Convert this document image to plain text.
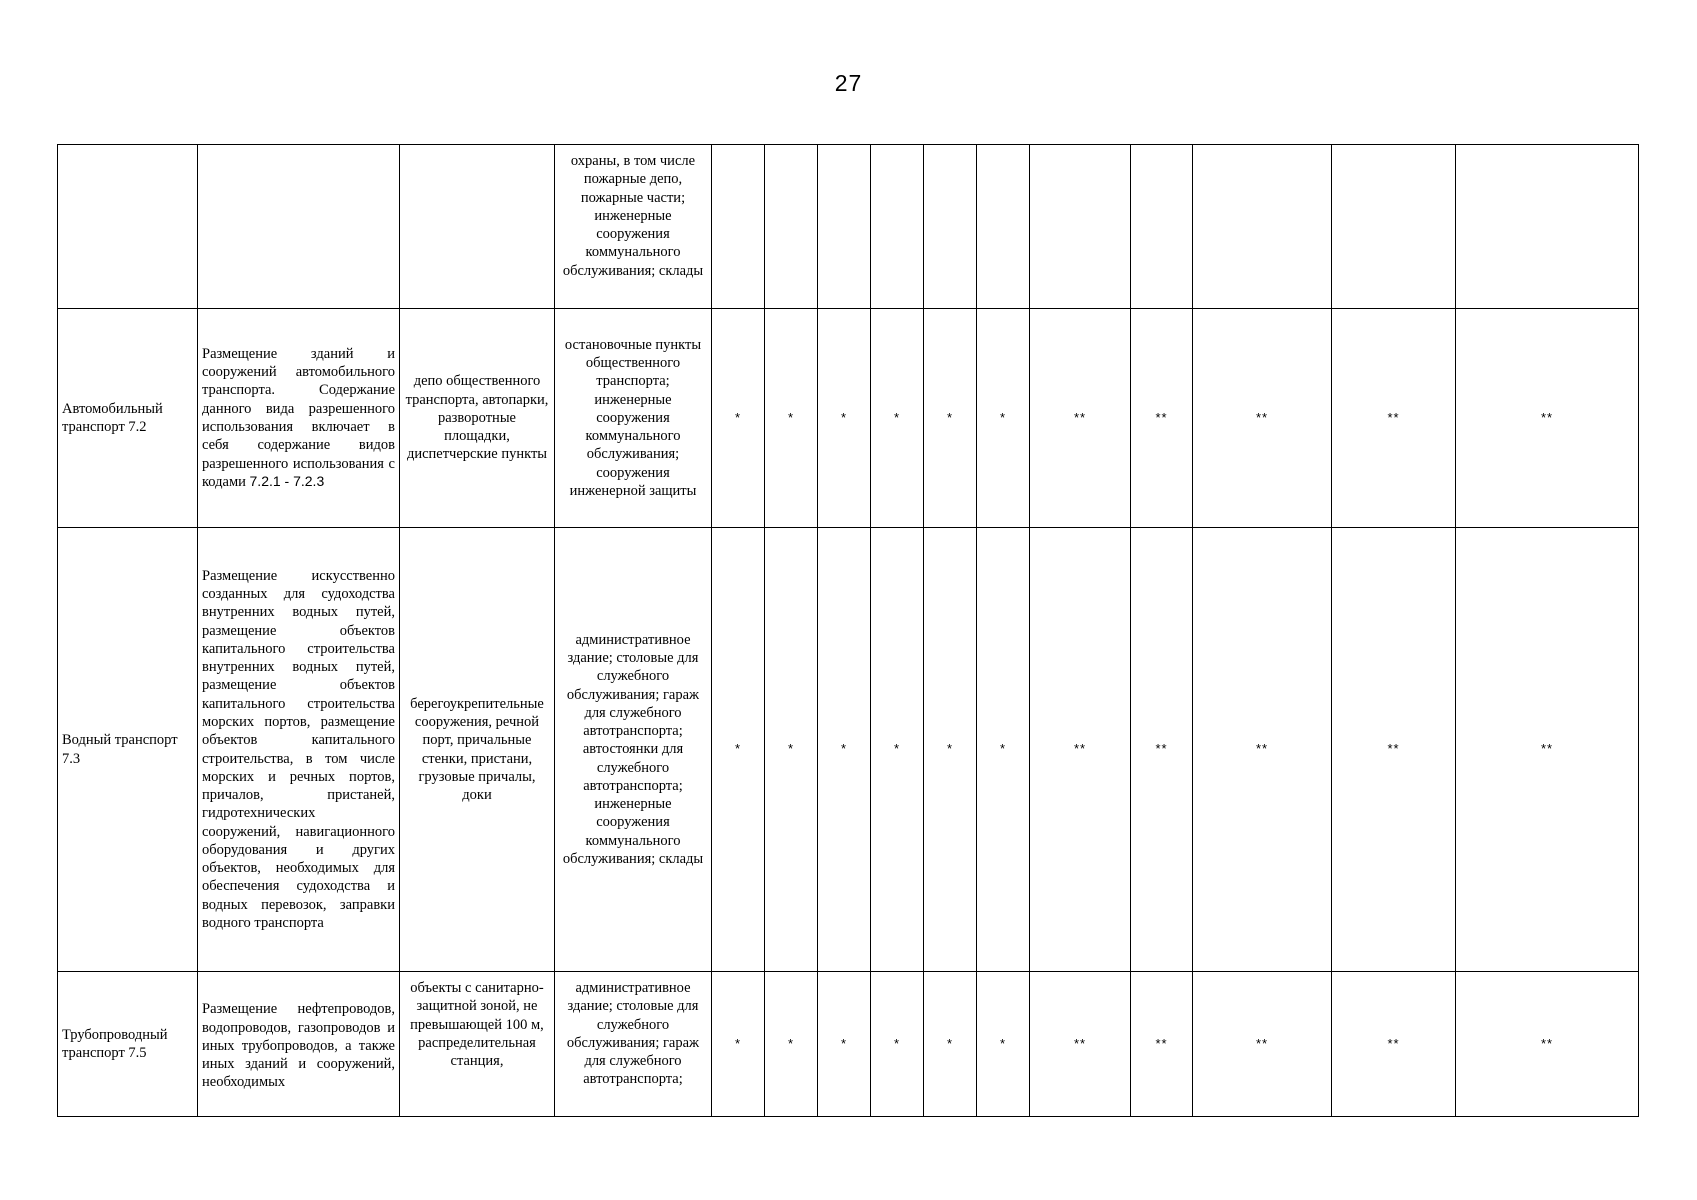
27
			охраны, в том числе пожарные депо, пожарные части; инженерные сооружения коммунального обслуживания; склады											
Автомобильный транспорт 7.2	Размещение зданий и сооружений автомобильного транспорта. Содержание данного вида разрешенного использования включает в себя содержание видов разрешенного использования с кодами 7.2.1 - 7.2.3	депо общественного транспорта, автопарки, разворотные площадки, диспетчерские пункты	остановочные пункты общественного транспорта; инженерные сооружения коммунального обслуживания; сооружения инженерной защиты	*	*	*	*	*	*	**	**	**	**	**
Водный транспорт 7.3	Размещение искусственно созданных для судоходства внутренних водных путей, размещение объектов капитального строительства внутренних водных путей, размещение объектов капитального строительства морских портов, размещение объектов капитального строительства, в том числе морских и речных портов, причалов, пристаней, гидротехнических сооружений, навигационного оборудования и других объектов, необходимых для обеспечения судоходства и водных перевозок, заправки водного транспорта	берегоукрепительные сооружения, речной порт, причальные стенки, пристани, грузовые причалы, доки	административное здание; столовые для служебного обслуживания; гараж для служебного автотранспорта; автостоянки для служебного автотранспорта; инженерные сооружения коммунального обслуживания; склады	*	*	*	*	*	*	**	**	**	**	**
Трубопроводный транспорт 7.5	Размещение нефтепроводов, водопроводов, газопроводов и иных трубопроводов, а также иных зданий и сооружений, необходимых	объекты с санитарно-защитной зоной, не превышающей 100 м, распределительная станция,	административное здание; столовые для служебного обслуживания; гараж для служебного автотранспорта;	*	*	*	*	*	*	**	**	**	**	**
